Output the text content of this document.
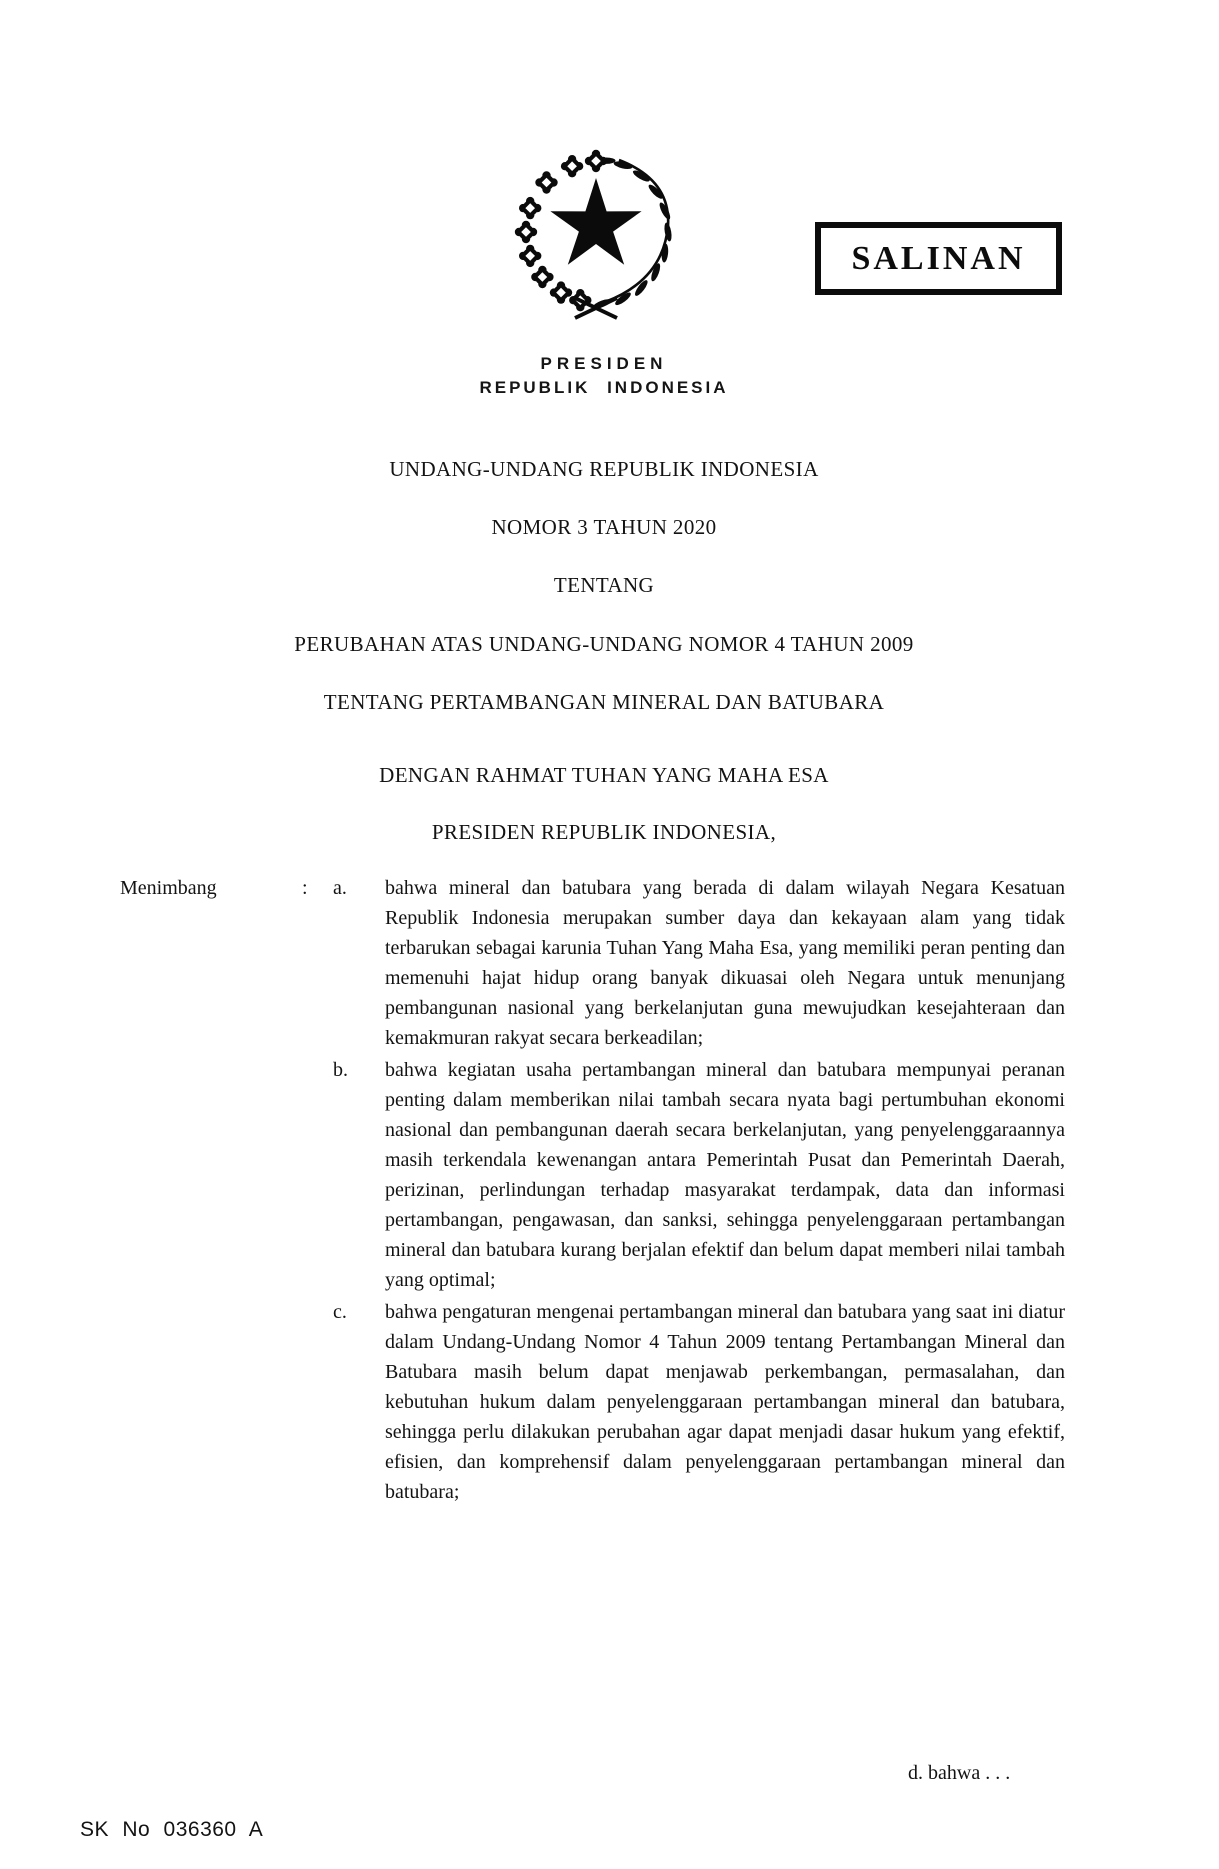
SALINAN
PRESIDEN
REPUBLIK INDONESIA
UNDANG-UNDANG REPUBLIK INDONESIA
NOMOR 3 TAHUN 2020
TENTANG
PERUBAHAN ATAS UNDANG-UNDANG NOMOR 4 TAHUN 2009
TENTANG PERTAMBANGAN MINERAL DAN BATUBARA
DENGAN RAHMAT TUHAN YANG MAHA ESA
PRESIDEN REPUBLIK INDONESIA,
Menimbang	:	a.	bahwa mineral dan batubara yang berada di dalam wilayah Negara Kesatuan Republik Indonesia merupakan sumber daya dan kekayaan alam yang tidak terbarukan sebagai karunia Tuhan Yang Maha Esa, yang memiliki peran penting dan memenuhi hajat hidup orang banyak dikuasai oleh Negara untuk menunjang pembangunan nasional yang berkelanjutan guna mewujudkan kesejahteraan dan kemakmuran rakyat secara berkeadilan;
b.	bahwa kegiatan usaha pertambangan mineral dan batubara mempunyai peranan penting dalam memberikan nilai tambah secara nyata bagi pertumbuhan ekonomi nasional dan pembangunan daerah secara berkelanjutan, yang penyelenggaraannya masih terkendala kewenangan antara Pemerintah Pusat dan Pemerintah Daerah, perizinan, perlindungan terhadap masyarakat terdampak, data dan informasi pertambangan, pengawasan, dan sanksi, sehingga penyelenggaraan pertambangan mineral dan batubara kurang berjalan efektif dan belum dapat memberi nilai tambah yang optimal;
c.	bahwa pengaturan mengenai pertambangan mineral dan batubara yang saat ini diatur dalam Undang-Undang Nomor 4 Tahun 2009 tentang Pertambangan Mineral dan Batubara masih belum dapat menjawab perkembangan, permasalahan, dan kebutuhan hukum dalam penyelenggaraan pertambangan mineral dan batubara, sehingga perlu dilakukan perubahan agar dapat menjadi dasar hukum yang efektif, efisien, dan komprehensif dalam penyelenggaraan pertambangan mineral dan batubara;
d. bahwa . . .
SK No 036360 A
